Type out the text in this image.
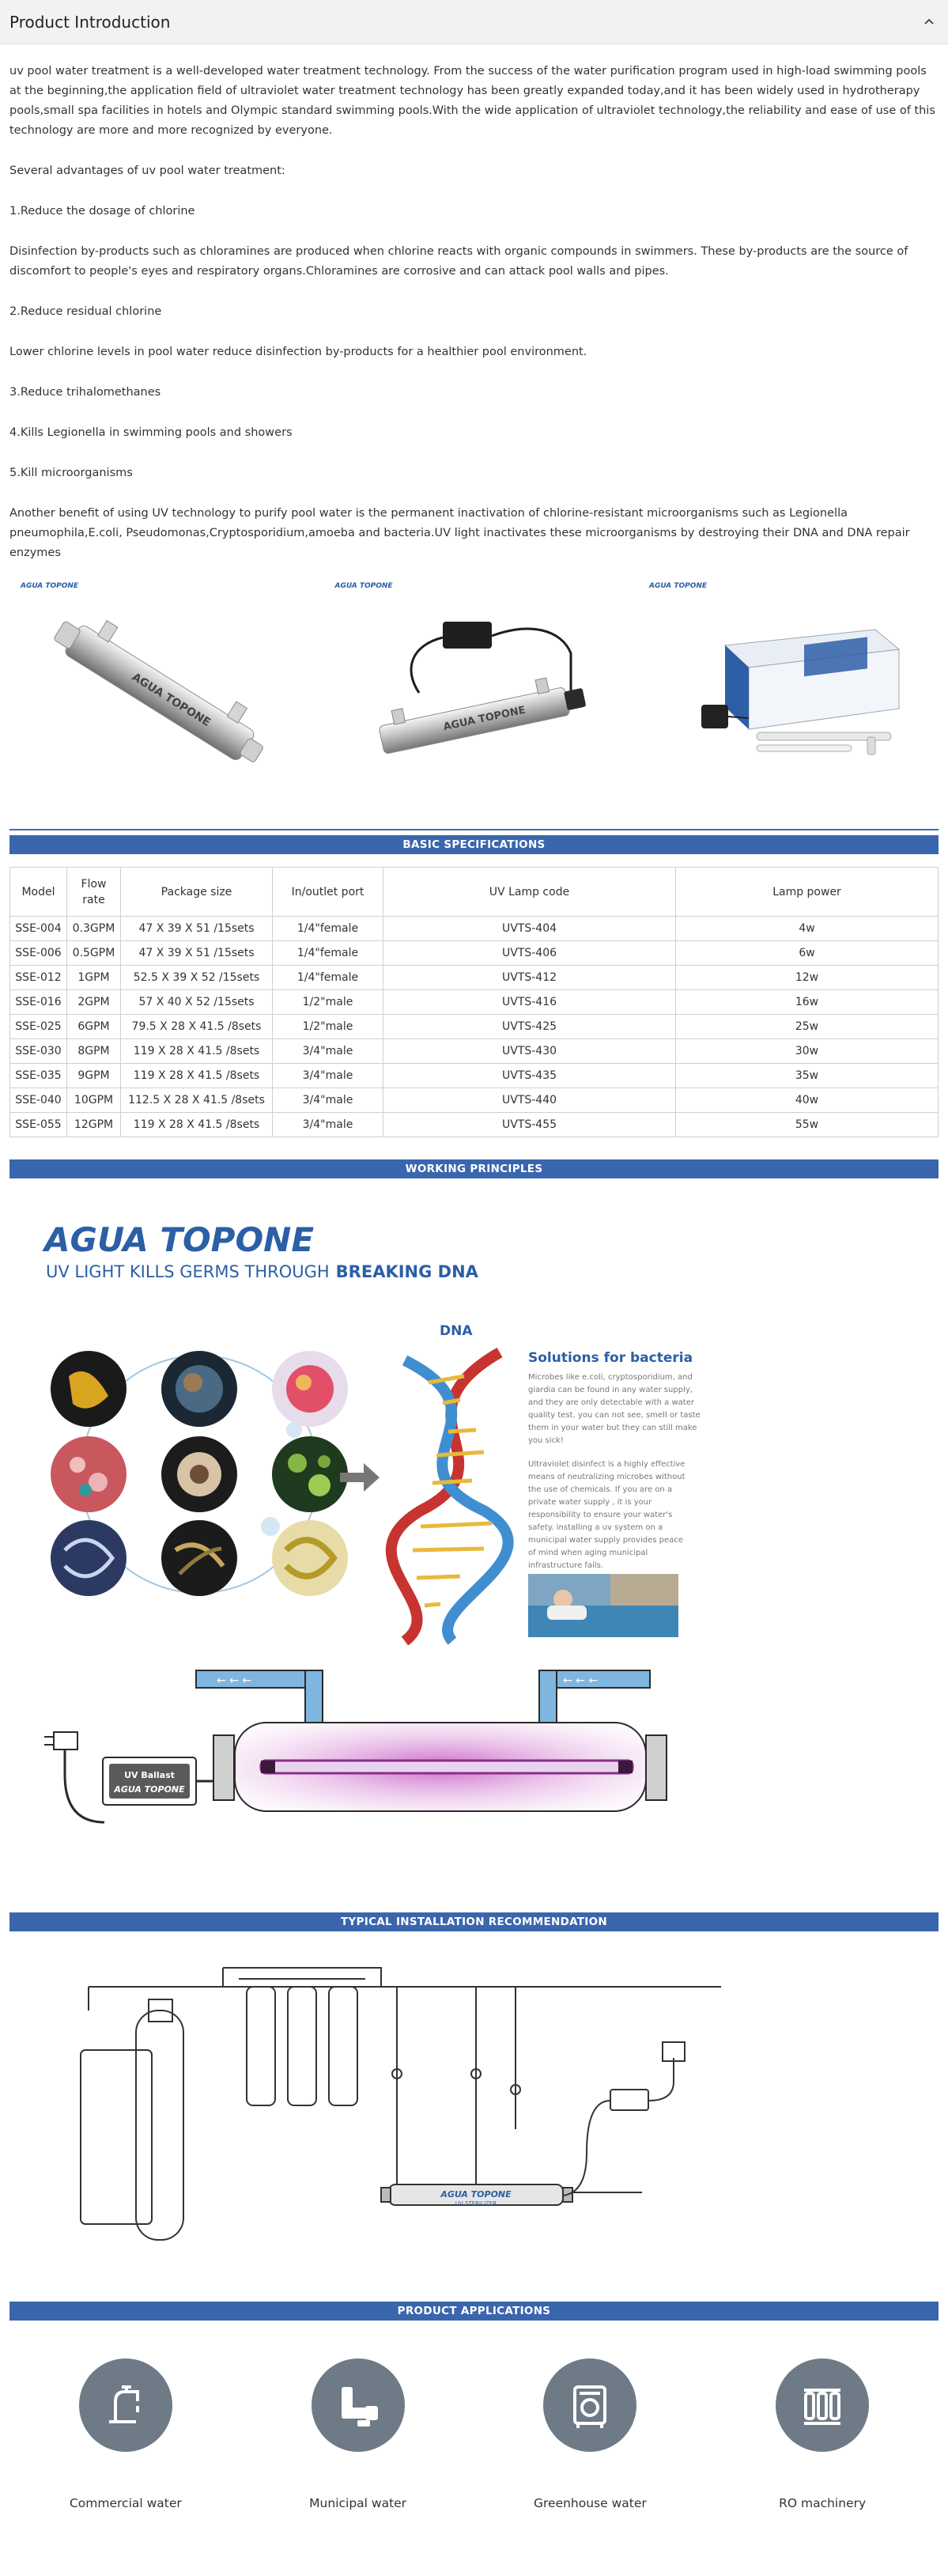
Product Introduction

uv pool water treatment is a well-developed water treatment technology. From the success of the water purification program used in high-load swimming pools at the beginning,the application field of ultraviolet water treatment technology has been greatly expanded today,and it has been widely used in hydrotherapy pools,small spa facilities in hotels and Olympic standard swimming pools.With the wide application of ultraviolet technology,the reliability and ease of use of this technology are more and more recognized by everyone.

Several advantages of uv pool water treatment:

1.Reduce the dosage of chlorine

Disinfection by-products such as chloramines are produced when chlorine reacts with organic compounds in swimmers. These by-products are the source of discomfort to people's eyes and respiratory organs.Chloramines are corrosive and can attack pool walls and pipes.

2.Reduce residual chlorine

Lower chlorine levels in pool water reduce disinfection by-products for a healthier pool environment.

3.Reduce trihalomethanes

4.Kills Legionella in swimming pools and showers

5.Kill microorganisms

Another benefit of using UV technology to purify pool water is the permanent inactivation of chlorine-resistant microorganisms such as Legionella pneumophila,E.coli, Pseudomonas,Cryptosporidium,amoeba and bacteria.UV light inactivates these microorganisms by destroying their DNA and DNA repair enzymes

AGUA TOPONE
AGUA TOPONE
AGUA TOPONE
AGUA TOPONE	AGUA TOPONE
BASIC SPECIFICATIONS
Model	Flow rate	Package size	In/outlet port	UV Lamp code	Lamp power
SSE-004	0.3GPM	47 X 39 X 51 /15sets	1/4"female	UVTS-404	4w
SSE-006	0.5GPM	47 X 39 X 51 /15sets	1/4"female	UVTS-406	6w
SSE-012	1GPM	52.5 X 39 X 52 /15sets	1/4"female	UVTS-412	12w
SSE-016	2GPM	57 X 40 X 52 /15sets	1/2"male	UVTS-416	16w
SSE-025	6GPM	79.5 X 28 X 41.5 /8sets	1/2"male	UVTS-425	25w
SSE-030	8GPM	119 X 28 X 41.5 /8sets	3/4"male	UVTS-430	30w
SSE-035	9GPM	119 X 28 X 41.5 /8sets	3/4"male	UVTS-435	35w
SSE-040	10GPM	112.5 X 28 X 41.5 /8sets	3/4"male	UVTS-440	40w
SSE-055	12GPM	119 X 28 X 41.5 /8sets	3/4"male	UVTS-455	55w
WORKING PRINCIPLES
AGUA TOPONE
UV LIGHT KILLS GERMS THROUGH BREAKING DNA
DNA
Solutions for bacteria
Microbes like e.coli, cryptosporidium, and
giardia can be found in any water supply,
and they are only detectable with a water
quality test. you can not see, smell or taste
them in your water but they can still make
you sick!
Ultraviolet disinfect is a highly effective
means of neutralizing microbes without
the use of chemicals. If you are on a
private water supply , it is your
responsibility to ensure your water's
safety. installing a uv system on a
municipal water supply provides peace
of mind when aging municipal
infrastructure fails.
← ← ←	← ← ←
UV Ballast
AGUA TOPONE
TYPICAL INSTALLATION RECOMMENDATION
AGUA TOPONE
UV STERILIZER
PRODUCT APPLICATIONS
Commercial water	Municipal water	Greenhouse water	RO machinery
